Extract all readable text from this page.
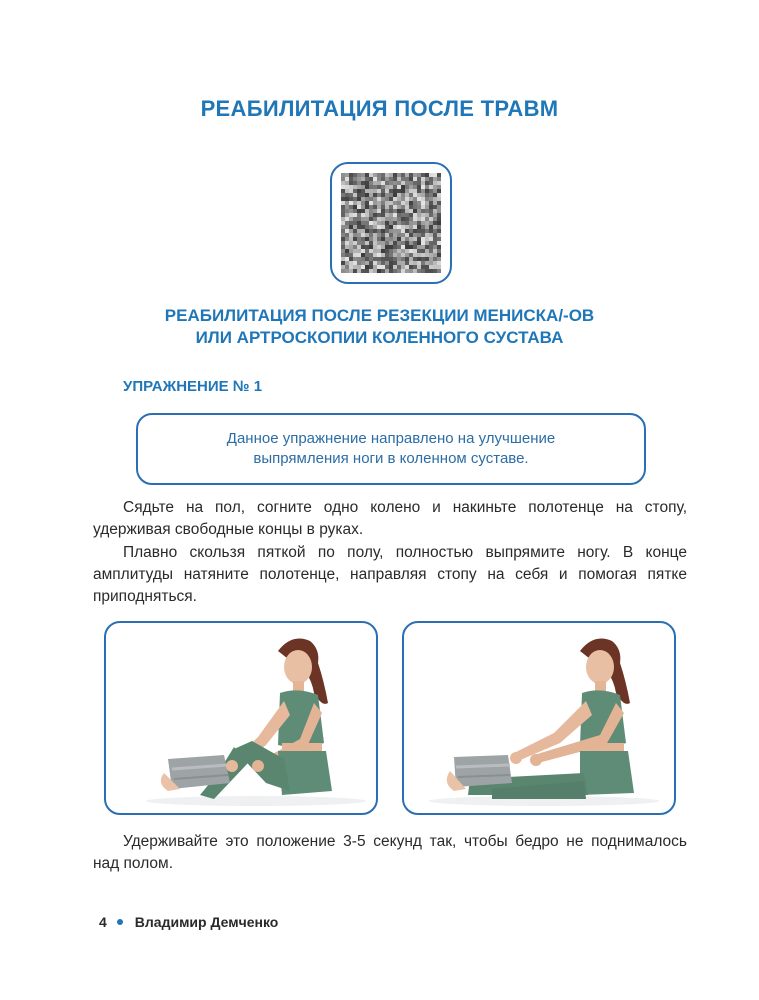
РЕАБИЛИТАЦИЯ ПОСЛЕ ТРАВМ
РЕАБИЛИТАЦИЯ ПОСЛЕ РЕЗЕКЦИИ МЕНИСКА/-ОВ
ИЛИ АРТРОСКОПИИ КОЛЕННОГО СУСТАВА
УПРАЖНЕНИЕ № 1
Данное упражнение направлено на улучшение выпрямления ноги в коленном суставе.

Сядьте на пол, согните одно колено и накиньте полотенце на стопу, удерживая свободные концы в руках.

Плавно скользя пяткой по полу, полностью выпрямите ногу. В конце амплитуды натяните полотенце, направляя стопу на себя и помогая пятке приподняться.

Удерживайте это положение 3-5 секунд так, чтобы бедро не поднималось над полом.

4 Владимир Демченко
